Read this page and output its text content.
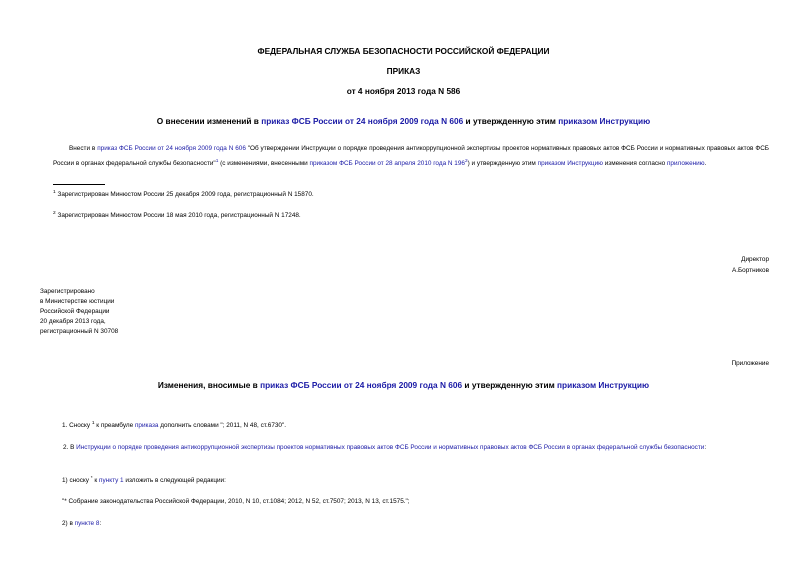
ФЕДЕРАЛЬНАЯ СЛУЖБА БЕЗОПАСНОСТИ РОССИЙСКОЙ ФЕДЕРАЦИИ
ПРИКАЗ
от 4 ноября 2013 года N 586
О внесении изменений в приказ ФСБ России от 24 ноября 2009 года N 606 и утвержденную этим приказом Инструкцию
Внести в приказ ФСБ России от 24 ноября 2009 года N 606 "Об утверждении Инструкции о порядке проведения антикоррупционной экспертизы проектов нормативных правовых актов ФСБ России и нормативных правовых актов ФСБ России в органах федеральной службы безопасности"$^1$ (с изменениями, внесенными приказом ФСБ России от 28 апреля 2010 года N $196^2$) и утвержденную этим приказом Инструкцию изменения согласно приложению.
$^1$ Зарегистрирован Минюстом России 25 декабря 2009 года, регистрационный N 15870.
$^2$ Зарегистрирован Минюстом России 18 мая 2010 года, регистрационный N 17248.
Директор
А.Бортников
Зарегистрировано
в Министерстве юстиции
Российской Федерации
20 декабря 2013 года,
регистрационный N 30708
Приложение
Изменения, вносимые в приказ ФСБ России от 24 ноября 2009 года N 606 и утвержденную этим приказом Инструкцию
1. Сноску $^1$ к преамбуле приказа дополнить словами "; 2011, N 48, ст.6730".
2. В Инструкции о порядке проведения антикоррупционной экспертизы проектов нормативных правовых актов ФСБ России и нормативных правовых актов ФСБ России в органах федеральной службы безопасности:
1) сноску * к пункту 1 изложить в следующей редакции:
"* Собрание законодательства Российской Федерации, 2010, N 10, ст.1084; 2012, N 52, ст.7507; 2013, N 13, ст.1575.";
2) в пункте 8:
